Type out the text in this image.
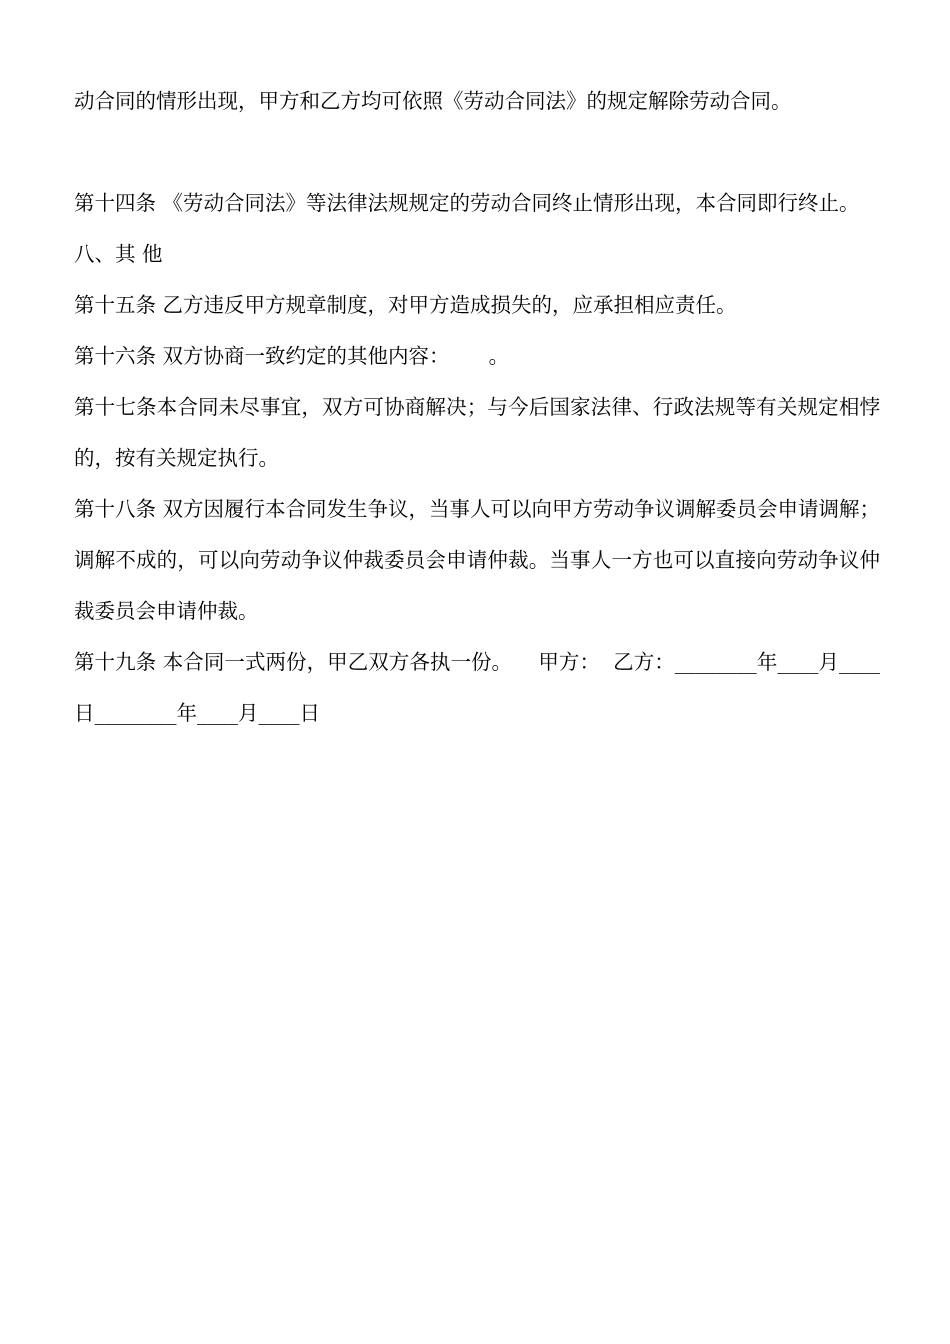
动合同的情形出现，甲方和乙方均可依照《劳动合同法》的规定解除劳动合同。

第十四条 《劳动合同法》等法律法规规定的劳动合同终止情形出现，本合同即行终止。

八、其 他

第十五条 乙方违反甲方规章制度，对甲方造成损失的，应承担相应责任。

第十六条 双方协商一致约定的其他内容：      。

第十七条本合同未尽事宜，双方可协商解决；与今后国家法律、行政法规等有关规定相悖的，按有关规定执行。

第十八条 双方因履行本合同发生争议，当事人可以向甲方劳动争议调解委员会申请调解；调解不成的，可以向劳动争议仲裁委员会申请仲裁。当事人一方也可以直接向劳动争议仲裁委员会申请仲裁。

第十九条 本合同一式两份，甲乙双方各执一份。    甲方：  乙方：________年____月____日________年____月____日
